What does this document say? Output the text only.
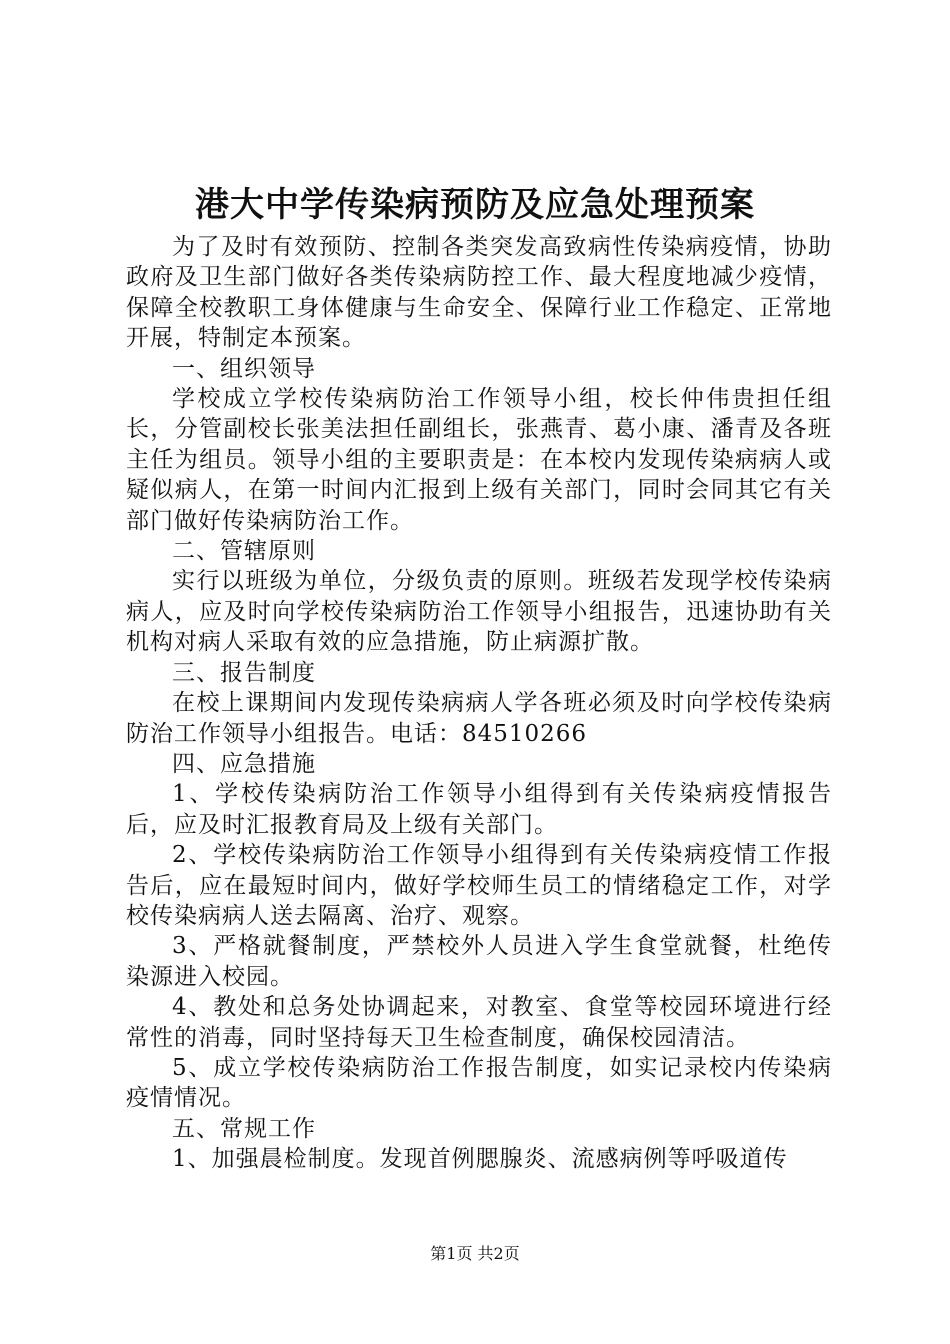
港大中学传染病预防及应急处理预案

为了及时有效预防、控制各类突发高致病性传染病疫情，协助政府及卫生部门做好各类传染病防控工作、最大程度地减少疫情，保障全校教职工身体健康与生命安全、保障行业工作稳定、正常地开展，特制定本预案。

一、组织领导

学校成立学校传染病防治工作领导小组，校长仲伟贵担任组长，分管副校长张美法担任副组长，张燕青、葛小康、潘青及各班主任为组员。领导小组的主要职责是：在本校内发现传染病病人或疑似病人，在第一时间内汇报到上级有关部门，同时会同其它有关部门做好传染病防治工作。

二、管辖原则

实行以班级为单位，分级负责的原则。班级若发现学校传染病病人，应及时向学校传染病防治工作领导小组报告，迅速协助有关机构对病人采取有效的应急措施，防止病源扩散。

三、报告制度

在校上课期间内发现传染病病人学各班必须及时向学校传染病防治工作领导小组报告。电话：84510266

四、应急措施

1、学校传染病防治工作领导小组得到有关传染病疫情报告后，应及时汇报教育局及上级有关部门。

2、学校传染病防治工作领导小组得到有关传染病疫情工作报告后，应在最短时间内，做好学校师生员工的情绪稳定工作，对学校传染病病人送去隔离、治疗、观察。

3、严格就餐制度，严禁校外人员进入学生食堂就餐，杜绝传染源进入校园。

4、教处和总务处协调起来，对教室、食堂等校园环境进行经常性的消毒，同时坚持每天卫生检查制度，确保校园清洁。

5、成立学校传染病防治工作报告制度，如实记录校内传染病疫情情况。

五、常规工作

1、加强晨检制度。发现首例腮腺炎、流感病例等呼吸道传

第1页 共2页
